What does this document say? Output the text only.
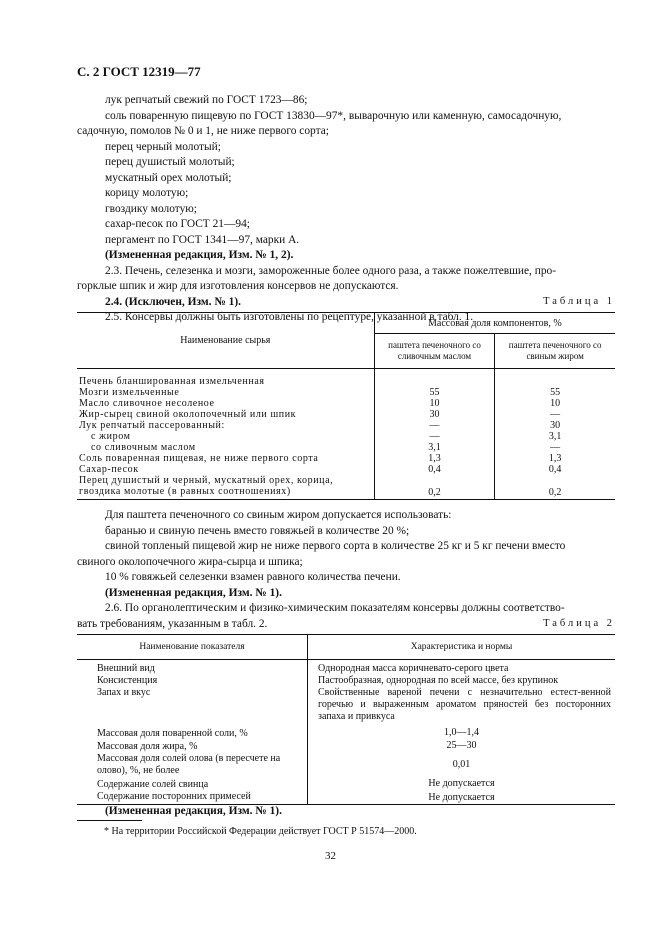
С. 2 ГОСТ 12319—77
лук репчатый свежий по ГОСТ 1723—86;
соль поваренную пищевую по ГОСТ 13830—97*, выварочную или каменную, самосадочную,
садочную, помолов № 0 и 1, не ниже первого сорта;
перец черный молотый;
перец душистый молотый;
мускатный орех молотый;
корицу молотую;
гвоздику молотую;
сахар-песок по ГОСТ 21—94;
пергамент по ГОСТ 1341—97, марки А.
(Измененная редакция, Изм. № 1, 2).
2.3. Печень, селезенка и мозги, замороженные более одного раза, а также пожелтевшие, про-
горклые шпик и жир для изготовления консервов не допускаются.
2.4. (Исключен, Изм. № 1).
2.5. Консервы должны быть изготовлены по рецептуре, указанной в табл. 1.
Таблица 1
Наименование сырья	Массовая доля компонентов, %	
	паштета печеночного со сливочным маслом	паштета печеночного со свиным жиром

Печень бланшированная измельченная		
Мозги измельченные	55	55
Масло сливочное несоленое	10	10
Жир-сырец свиной околопочечный или шпик	30	—
Лук репчатый пассерованный:	—	30
с жиром	—	3,1
со сливочным маслом	3,1	—
Соль поваренная пищевая, не ниже первого сорта	1,3	1,3
Сахар-песок	0,4	0,4
Перец душистый и черный, мускатный орех, корица,		
гвоздика молотые (в равных соотношениях)	0,2	0,2
Для паштета печеночного со свиным жиром допускается использовать:
баранью и свиную печень вместо говяжьей в количестве 20 %;
свиной топленый пищевой жир не ниже первого сорта в количестве 25 кг и 5 кг печени вместо
свиного околопочечного жира-сырца и шпика;
10 % говяжьей селезенки взамен равного количества печени.
(Измененная редакция, Изм. № 1).
2.6. По органолептическим и физико-химическим показателям консервы должны соответство-
вать требованиям, указанным в табл. 2.	Таблица 2
Наименование показателя	Характеристика и нормы
Внешний вид	Однородная масса коричневато-серого цвета
Консистенция	Пастообразная, однородная по всей массе, без крупинок
Запах и вкус	Свойственные вареной печени с незначительно естест-венной горечью и выраженным ароматом пряностей без посторонних запаха и привкуса
Массовая доля поваренной соли, %	1,0—1,4
Массовая доля жира, %	25—30
Массовая доля солей олова (в пересчете на олово), %, не более	0,01
Содержание солей свинца	Не допускается
Содержание посторонних примесей	Не допускается
(Измененная редакция, Изм. № 1).
* На территории Российской Федерации действует ГОСТ Р 51574—2000.
32
